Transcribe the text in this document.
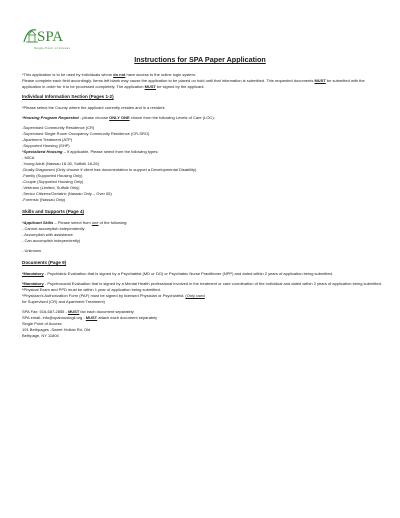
SPA
Single Point of Access
Instructions for SPA Paper Application

*This application is to be used by individuals whom do not have access to the online login system.

Please complete each field accordingly. Items left blank may cause the application to be placed on hold until that information is submitted. This requested documents MUST be submitted with the application in order for it to be processed completely. The application MUST be signed by the applicant.

Individual Information Section (Pages 1-2)

*Please select the County where the applicant currently resides and is a resident.

*Housing Program Requested - please choose ONLY ONE choice from the following Levels of Care (LOC):

-Supervised Community Residence (CR)

-Supervised Single Room Occupancy Community Residence (CR-SRO)

-Apartment Treatment (ATP)

-Supported Housing (SHP)

*Specialized Housing – If applicable, Please select from the following types:

- MICA

-Young Adult (Nassau 18-30, Suffolk 18-26)

-Dually Diagnosed (Only choose if client has documentation to support a Developmental Disability)

-Family (Supported Housing Only)

-Couple (Supported Housing Only)

-Veterans (Limited, Suffolk Only)

-Senior Citizens/Geriatric (Nassau Only – Over 55)

-Forensic (Nassau Only)

Skills and Supports (Page 4)

*Applicant Skills – Please select from one of the following:

- Cannot accomplish independently

- Accomplish with assistance

- Can accomplish independently)

- Unknown

Documents (Page 9)

*Mandatory - Psychiatric Evaluation that is signed by a Psychiatrist (MD or DO) or Psychiatric Nurse Practitioner (NPP) and dated within 2 years of application being submitted.

*Mandatory - Psychosocial Evaluation that is signed by a Mental Health professional involved in the treatment or care coordination of the individual and dated within 2 years of application being submitted.

*Physical Exam and PPD must be within 1 year of application being submitted.

*Physician's Authorization Form (PAF) must be signed by licensed Physician or Psychiatrist. (Only used

for Supervised (CR) and Apartment Treatment)

SPA Fax: 516-687-2855 - MUST fax each document separately

SPA email- info@spahousingli.org - MUST attach each document separately

Single Point of Access

191 Bethpages -Sweet Hollow Rd. Old

Bethpage, NY 11804
